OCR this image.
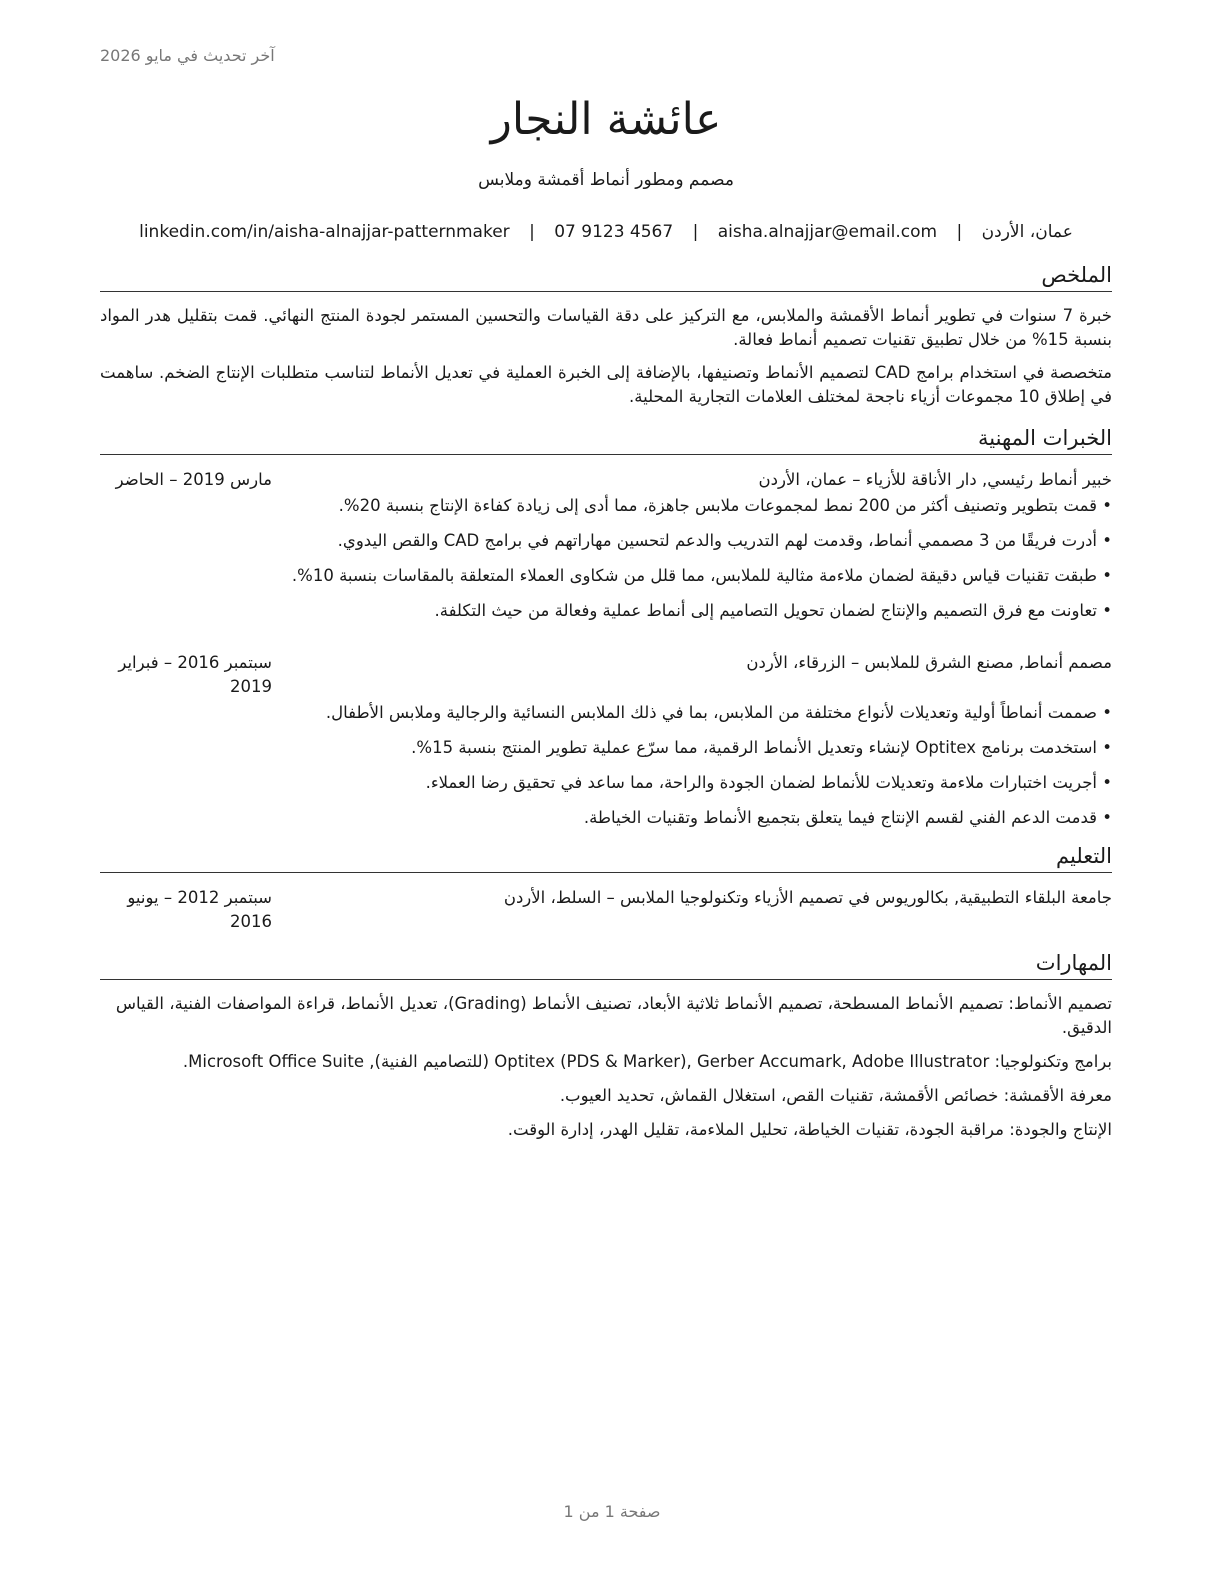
آخر تحديث في مايو 2026
عائشة النجار
مصمم ومطور أنماط أقمشة وملابس
عمان، الأردن | aisha.alnajjar@email.com | 07 9123 4567 | linkedin.com/in/aisha-alnajjar-patternmaker
الملخص

خبرة 7 سنوات في تطوير أنماط الأقمشة والملابس، مع التركيز على دقة القياسات والتحسين المستمر لجودة المنتج النهائي. قمت بتقليل هدر المواد بنسبة 15% من خلال تطبيق تقنيات تصميم أنماط فعالة.

متخصصة في استخدام برامج CAD لتصميم الأنماط وتصنيفها، بالإضافة إلى الخبرة العملية في تعديل الأنماط لتناسب متطلبات الإنتاج الضخم. ساهمت في إطلاق 10 مجموعات أزياء ناجحة لمختلف العلامات التجارية المحلية.

الخبرات المهنية
خبير أنماط رئيسي, دار الأناقة للأزياء – عمان، الأردن
مارس 2019 – الحاضر
• قمت بتطوير وتصنيف أكثر من 200 نمط لمجموعات ملابس جاهزة، مما أدى إلى زيادة كفاءة الإنتاج بنسبة 20%.
• أدرت فريقًا من 3 مصممي أنماط، وقدمت لهم التدريب والدعم لتحسين مهاراتهم في برامج CAD والقص اليدوي.
• طبقت تقنيات قياس دقيقة لضمان ملاءمة مثالية للملابس، مما قلل من شكاوى العملاء المتعلقة بالمقاسات بنسبة 10%.
• تعاونت مع فرق التصميم والإنتاج لضمان تحويل التصاميم إلى أنماط عملية وفعالة من حيث التكلفة.
مصمم أنماط, مصنع الشرق للملابس – الزرقاء، الأردن
سبتمبر 2016 – فبراير 2019
• صممت أنماطاً أولية وتعديلات لأنواع مختلفة من الملابس، بما في ذلك الملابس النسائية والرجالية وملابس الأطفال.
• استخدمت برنامج Optitex لإنشاء وتعديل الأنماط الرقمية، مما سرّع عملية تطوير المنتج بنسبة 15%.
• أجريت اختبارات ملاءمة وتعديلات للأنماط لضمان الجودة والراحة، مما ساعد في تحقيق رضا العملاء.
• قدمت الدعم الفني لقسم الإنتاج فيما يتعلق بتجميع الأنماط وتقنيات الخياطة.
التعليم
جامعة البلقاء التطبيقية, بكالوريوس في تصميم الأزياء وتكنولوجيا الملابس – السلط، الأردن
سبتمبر 2012 – يونيو 2016
المهارات

تصميم الأنماط: تصميم الأنماط المسطحة، تصميم الأنماط ثلاثية الأبعاد، تصنيف الأنماط (Grading)، تعديل الأنماط، قراءة المواصفات الفنية، القياس الدقيق.

برامج وتكنولوجيا: Optitex (PDS & Marker), Gerber Accumark, Adobe Illustrator (للتصاميم الفنية), Microsoft Office Suite.

معرفة الأقمشة: خصائص الأقمشة، تقنيات القص، استغلال القماش، تحديد العيوب.

الإنتاج والجودة: مراقبة الجودة، تقنيات الخياطة، تحليل الملاءمة، تقليل الهدر، إدارة الوقت.

صفحة 1 من 1
